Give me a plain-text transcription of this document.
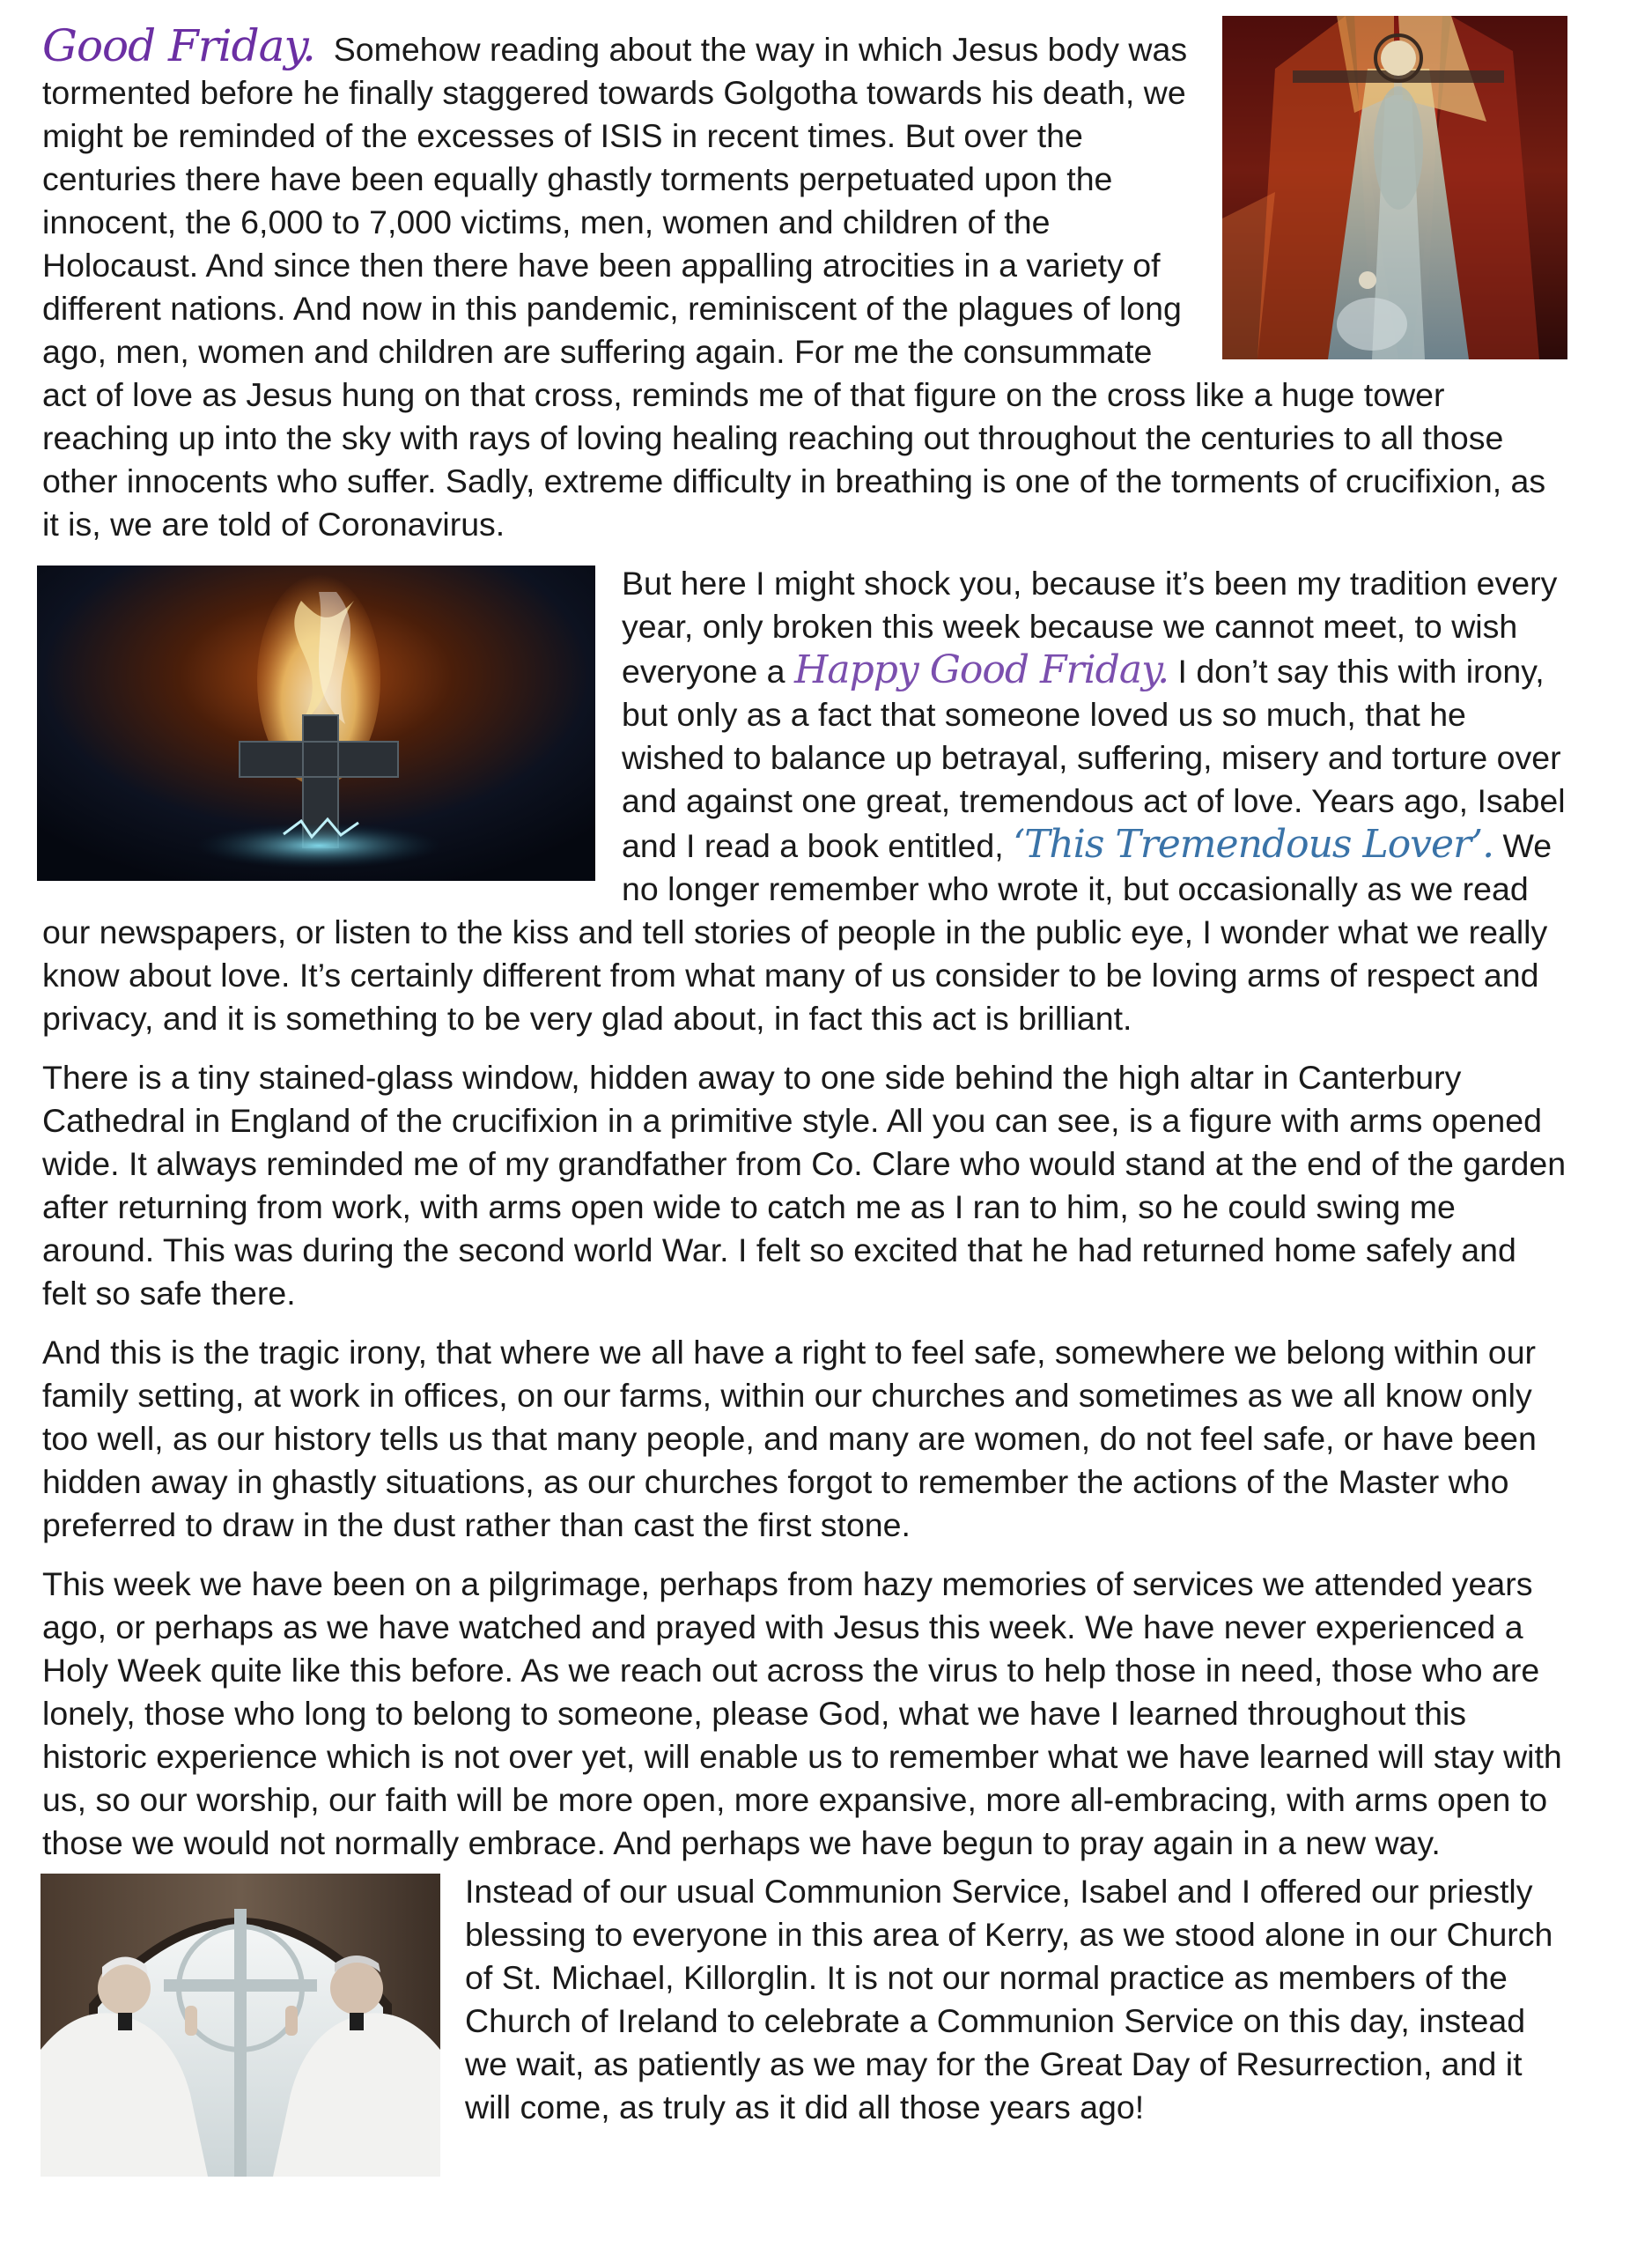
Good Friday. Somehow reading about the way in which Jesus body was tormented before he finally staggered towards Golgotha towards his death, we might be reminded of the excesses of ISIS in recent times. But over the centuries there have been equally ghastly torments perpetuated upon the innocent, the 6,000 to 7,000 victims, men, women and children of the Holocaust. And since then there have been appalling atrocities in a variety of different nations. And now in this pandemic, reminiscent of the plagues of long ago, men, women and children are suffering again. For me the consummate act of love as Jesus hung on that cross, reminds me of that figure on the cross like a huge tower reaching up into the sky with rays of loving healing reaching out throughout the centuries to all those other innocents who suffer. Sadly, extreme difficulty in breathing is one of the torments of crucifixion, as it is, we are told of Coronavirus.

But here I might shock you, because it’s been my tradition every year, only broken this week because we cannot meet, to wish everyone a Happy Good Friday. I don’t say this with irony, but only as a fact that someone loved us so much, that he wished to balance up betrayal, suffering, misery and torture over and against one great, tremendous act of love. Years ago, Isabel and I read a book entitled, ‘This Tremendous Lover’. We no longer remember who wrote it, but occasionally as we read our newspapers, or listen to the kiss and tell stories of people in the public eye, I wonder what we really know about love. It’s certainly different from what many of us consider to be loving arms of respect and privacy, and it is something to be very glad about, in fact this act is brilliant.

There is a tiny stained-glass window, hidden away to one side behind the high altar in Canterbury Cathedral in England of the crucifixion in a primitive style. All you can see, is a figure with arms opened wide. It always reminded me of my grandfather from Co. Clare who would stand at the end of the garden after returning from work, with arms open wide to catch me as I ran to him, so he could swing me around. This was during the second world War. I felt so excited that he had returned home safely and felt so safe there.

And this is the tragic irony, that where we all have a right to feel safe, somewhere we belong within our family setting, at work in offices, on our farms, within our churches and sometimes as we all know only too well, as our history tells us that many people, and many are women, do not feel safe, or have been hidden away in ghastly situations, as our churches forgot to remember the actions of the Master who preferred to draw in the dust rather than cast the first stone.

This week we have been on a pilgrimage, perhaps from hazy memories of services we attended years ago, or perhaps as we have watched and prayed with Jesus this week. We have never experienced a Holy Week quite like this before. As we reach out across the virus to help those in need, those who are lonely, those who long to belong to someone, please God, what we have I learned throughout this historic experience which is not over yet, will enable us to remember what we have learned will stay with us, so our worship, our faith will be more open, more expansive, more all-embracing, with arms open to those we would not normally embrace. And perhaps we have begun to pray again in a new way.

Instead of our usual Communion Service, Isabel and I offered our priestly blessing to everyone in this area of Kerry, as we stood alone in our Church of St. Michael, Killorglin. It is not our normal practice as members of the Church of Ireland to celebrate a Communion Service on this day, instead we wait, as patiently as we may for the Great Day of Resurrection, and it will come, as truly as it did all those years ago!
